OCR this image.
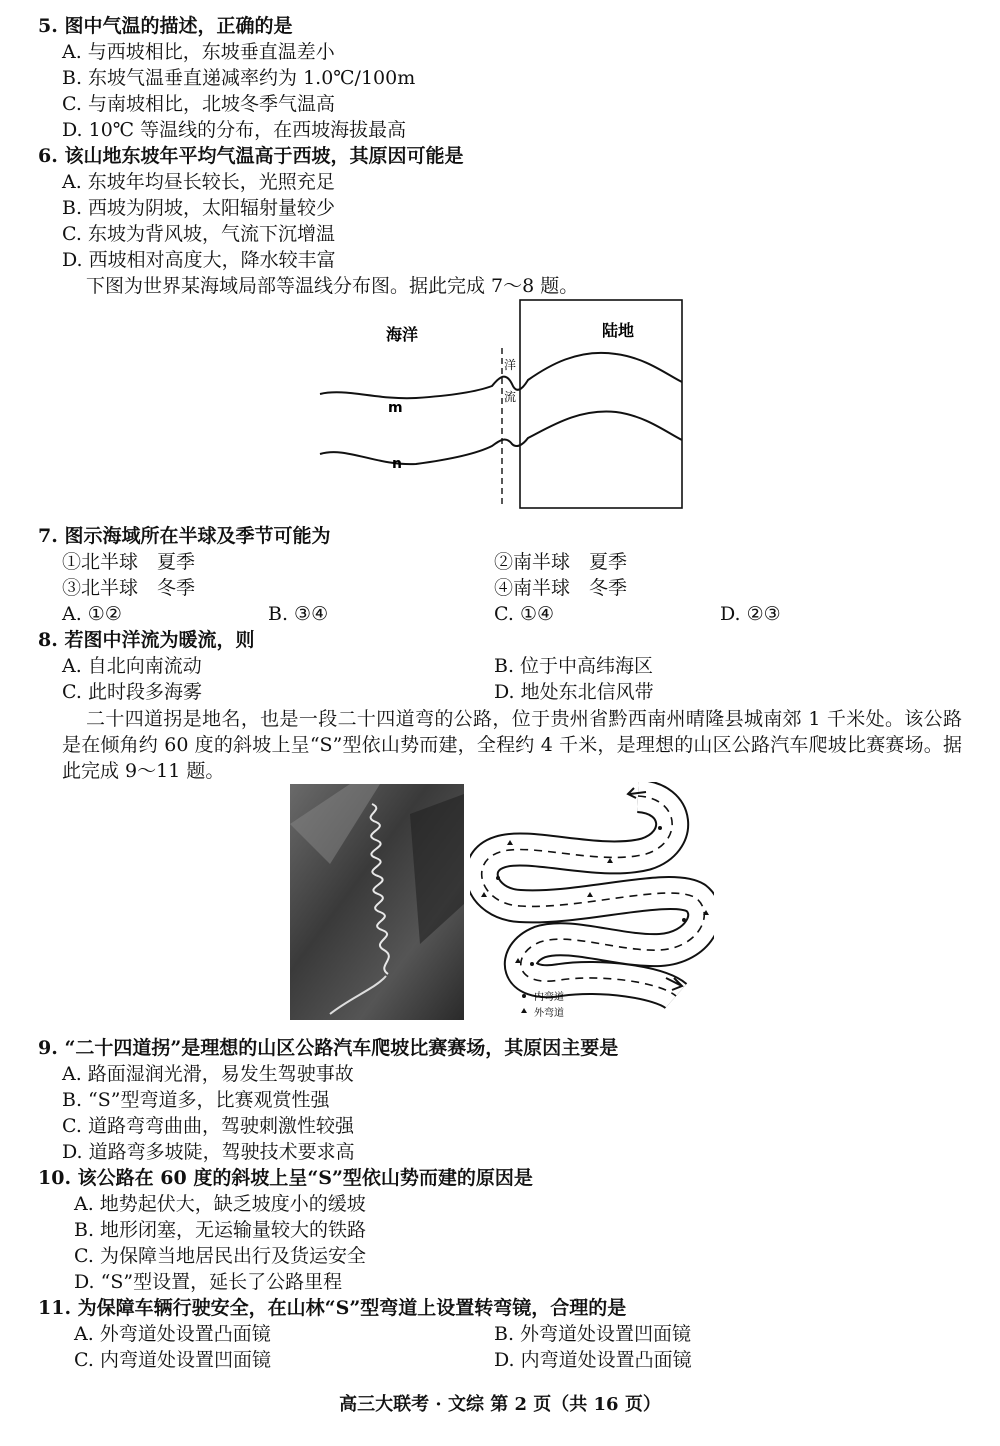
5. 图中气温的描述，正确的是
A. 与西坡相比，东坡垂直温差小
B. 东坡气温垂直递减率约为 1.0℃/100m
C. 与南坡相比，北坡冬季气温高
D. 10℃ 等温线的分布，在西坡海拔最高
6. 该山地东坡年平均气温高于西坡，其原因可能是
A. 东坡年均昼长较长，光照充足
B. 西坡为阴坡，太阳辐射量较少
C. 东坡为背风坡，气流下沉增温
D. 西坡相对高度大，降水较丰富
下图为世界某海域局部等温线分布图。据此完成 7～8 题。
海洋	陆地
洋
流
m
n
7. 图示海域所在半球及季节可能为
①北半球　夏季	②南半球　夏季
③北半球　冬季	④南半球　冬季
A. ①②	B. ③④	C. ①④	D. ②③
8. 若图中洋流为暖流，则
A. 自北向南流动	B. 位于中高纬海区
C. 此时段多海雾	D. 地处东北信风带
二十四道拐是地名，也是一段二十四道弯的公路，位于贵州省黔西南州晴隆县城南郊 1 千米处。该公路是在倾角约 60 度的斜坡上呈“S”型依山势而建，全程约 4 千米，是理想的山区公路汽车爬坡比赛赛场。据此完成 9～11 题。
内弯道
外弯道
9. “二十四道拐”是理想的山区公路汽车爬坡比赛赛场，其原因主要是
A. 路面湿润光滑，易发生驾驶事故
B. “S”型弯道多，比赛观赏性强
C. 道路弯弯曲曲，驾驶刺激性较强
D. 道路弯多坡陡，驾驶技术要求高
10. 该公路在 60 度的斜坡上呈“S”型依山势而建的原因是
A. 地势起伏大，缺乏坡度小的缓坡
B. 地形闭塞，无运输量较大的铁路
C. 为保障当地居民出行及货运安全
D. “S”型设置，延长了公路里程
11. 为保障车辆行驶安全，在山林“S”型弯道上设置转弯镜，合理的是
A. 外弯道处设置凸面镜	B. 外弯道处设置凹面镜
C. 内弯道处设置凹面镜	D. 内弯道处设置凸面镜
高三大联考 · 文综 第 2 页（共 16 页）
